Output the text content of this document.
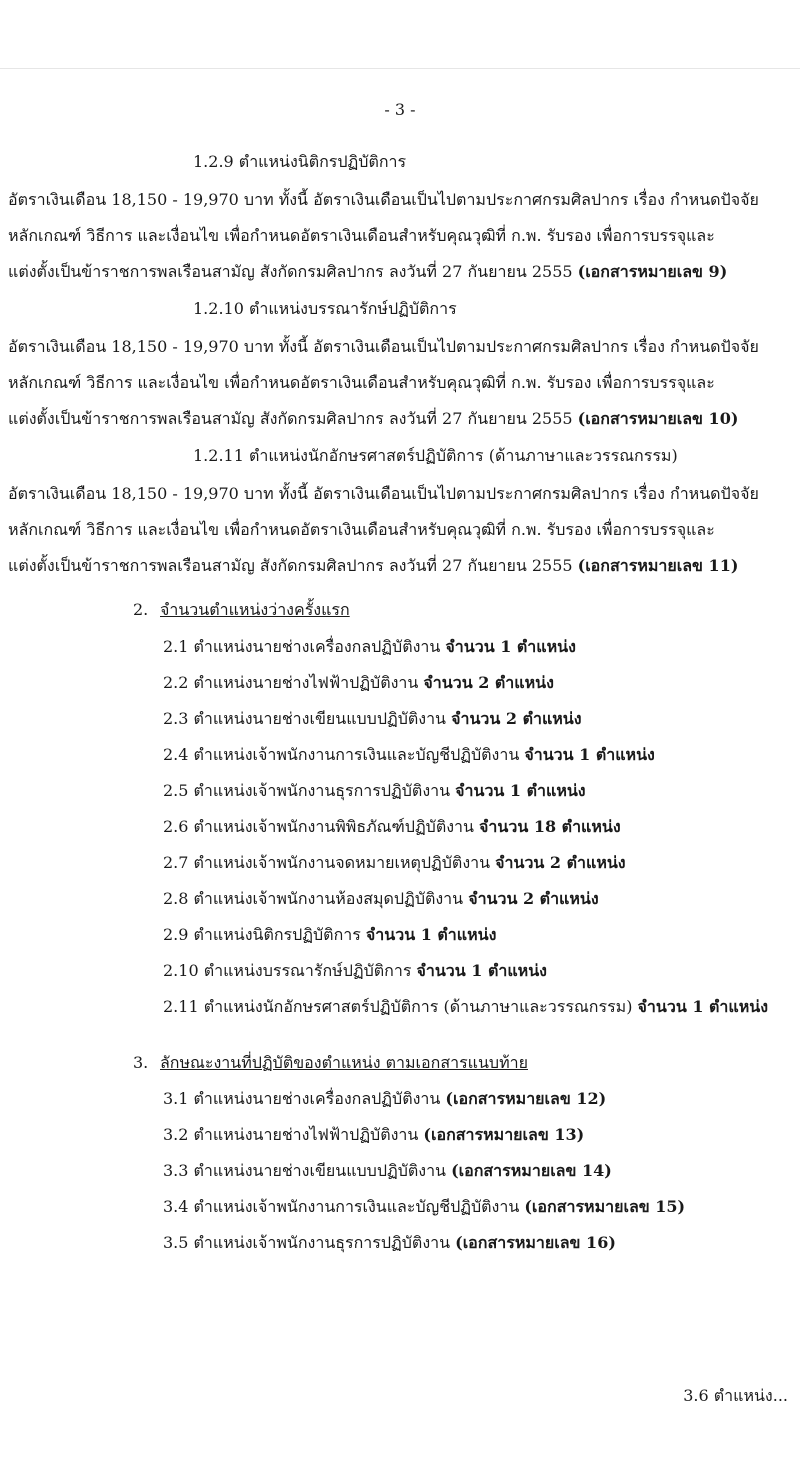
- 3 -
1.2.9 ตำแหน่งนิติกรปฏิบัติการ
อัตราเงินเดือน 18,150 - 19,970 บาท ทั้งนี้ อัตราเงินเดือนเป็นไปตามประกาศกรมศิลปากร เรื่อง กำหนดปัจจัย
หลักเกณฑ์ วิธีการ และเงื่อนไข เพื่อกำหนดอัตราเงินเดือนสำหรับคุณวุฒิที่ ก.พ. รับรอง เพื่อการบรรจุและ
แต่งตั้งเป็นข้าราชการพลเรือนสามัญ สังกัดกรมศิลปากร ลงวันที่ 27 กันยายน 2555 (เอกสารหมายเลข 9)
1.2.10 ตำแหน่งบรรณารักษ์ปฏิบัติการ
อัตราเงินเดือน 18,150 - 19,970 บาท ทั้งนี้ อัตราเงินเดือนเป็นไปตามประกาศกรมศิลปากร เรื่อง กำหนดปัจจัย
หลักเกณฑ์ วิธีการ และเงื่อนไข เพื่อกำหนดอัตราเงินเดือนสำหรับคุณวุฒิที่ ก.พ. รับรอง เพื่อการบรรจุและ
แต่งตั้งเป็นข้าราชการพลเรือนสามัญ สังกัดกรมศิลปากร ลงวันที่ 27 กันยายน 2555 (เอกสารหมายเลข 10)
1.2.11 ตำแหน่งนักอักษรศาสตร์ปฏิบัติการ (ด้านภาษาและวรรณกรรม)
อัตราเงินเดือน 18,150 - 19,970 บาท ทั้งนี้ อัตราเงินเดือนเป็นไปตามประกาศกรมศิลปากร เรื่อง กำหนดปัจจัย
หลักเกณฑ์ วิธีการ และเงื่อนไข เพื่อกำหนดอัตราเงินเดือนสำหรับคุณวุฒิที่ ก.พ. รับรอง เพื่อการบรรจุและ
แต่งตั้งเป็นข้าราชการพลเรือนสามัญ สังกัดกรมศิลปากร ลงวันที่ 27 กันยายน 2555 (เอกสารหมายเลข 11)
2. จำนวนตำแหน่งว่างครั้งแรก
2.1 ตำแหน่งนายช่างเครื่องกลปฏิบัติงาน จำนวน 1 ตำแหน่ง
2.2 ตำแหน่งนายช่างไฟฟ้าปฏิบัติงาน จำนวน 2 ตำแหน่ง
2.3 ตำแหน่งนายช่างเขียนแบบปฏิบัติงาน จำนวน 2 ตำแหน่ง
2.4 ตำแหน่งเจ้าพนักงานการเงินและบัญชีปฏิบัติงาน จำนวน 1 ตำแหน่ง
2.5 ตำแหน่งเจ้าพนักงานธุรการปฏิบัติงาน จำนวน 1 ตำแหน่ง
2.6 ตำแหน่งเจ้าพนักงานพิพิธภัณฑ์ปฏิบัติงาน จำนวน 18 ตำแหน่ง
2.7 ตำแหน่งเจ้าพนักงานจดหมายเหตุปฏิบัติงาน จำนวน 2 ตำแหน่ง
2.8 ตำแหน่งเจ้าพนักงานห้องสมุดปฏิบัติงาน จำนวน 2 ตำแหน่ง
2.9 ตำแหน่งนิติกรปฏิบัติการ จำนวน 1 ตำแหน่ง
2.10 ตำแหน่งบรรณารักษ์ปฏิบัติการ จำนวน 1 ตำแหน่ง
2.11 ตำแหน่งนักอักษรศาสตร์ปฏิบัติการ (ด้านภาษาและวรรณกรรม) จำนวน 1 ตำแหน่ง
3. ลักษณะงานที่ปฏิบัติของตำแหน่ง ตามเอกสารแนบท้าย
3.1 ตำแหน่งนายช่างเครื่องกลปฏิบัติงาน (เอกสารหมายเลข 12)
3.2 ตำแหน่งนายช่างไฟฟ้าปฏิบัติงาน (เอกสารหมายเลข 13)
3.3 ตำแหน่งนายช่างเขียนแบบปฏิบัติงาน (เอกสารหมายเลข 14)
3.4 ตำแหน่งเจ้าพนักงานการเงินและบัญชีปฏิบัติงาน (เอกสารหมายเลข 15)
3.5 ตำแหน่งเจ้าพนักงานธุรการปฏิบัติงาน (เอกสารหมายเลข 16)
3.6 ตำแหน่ง...
